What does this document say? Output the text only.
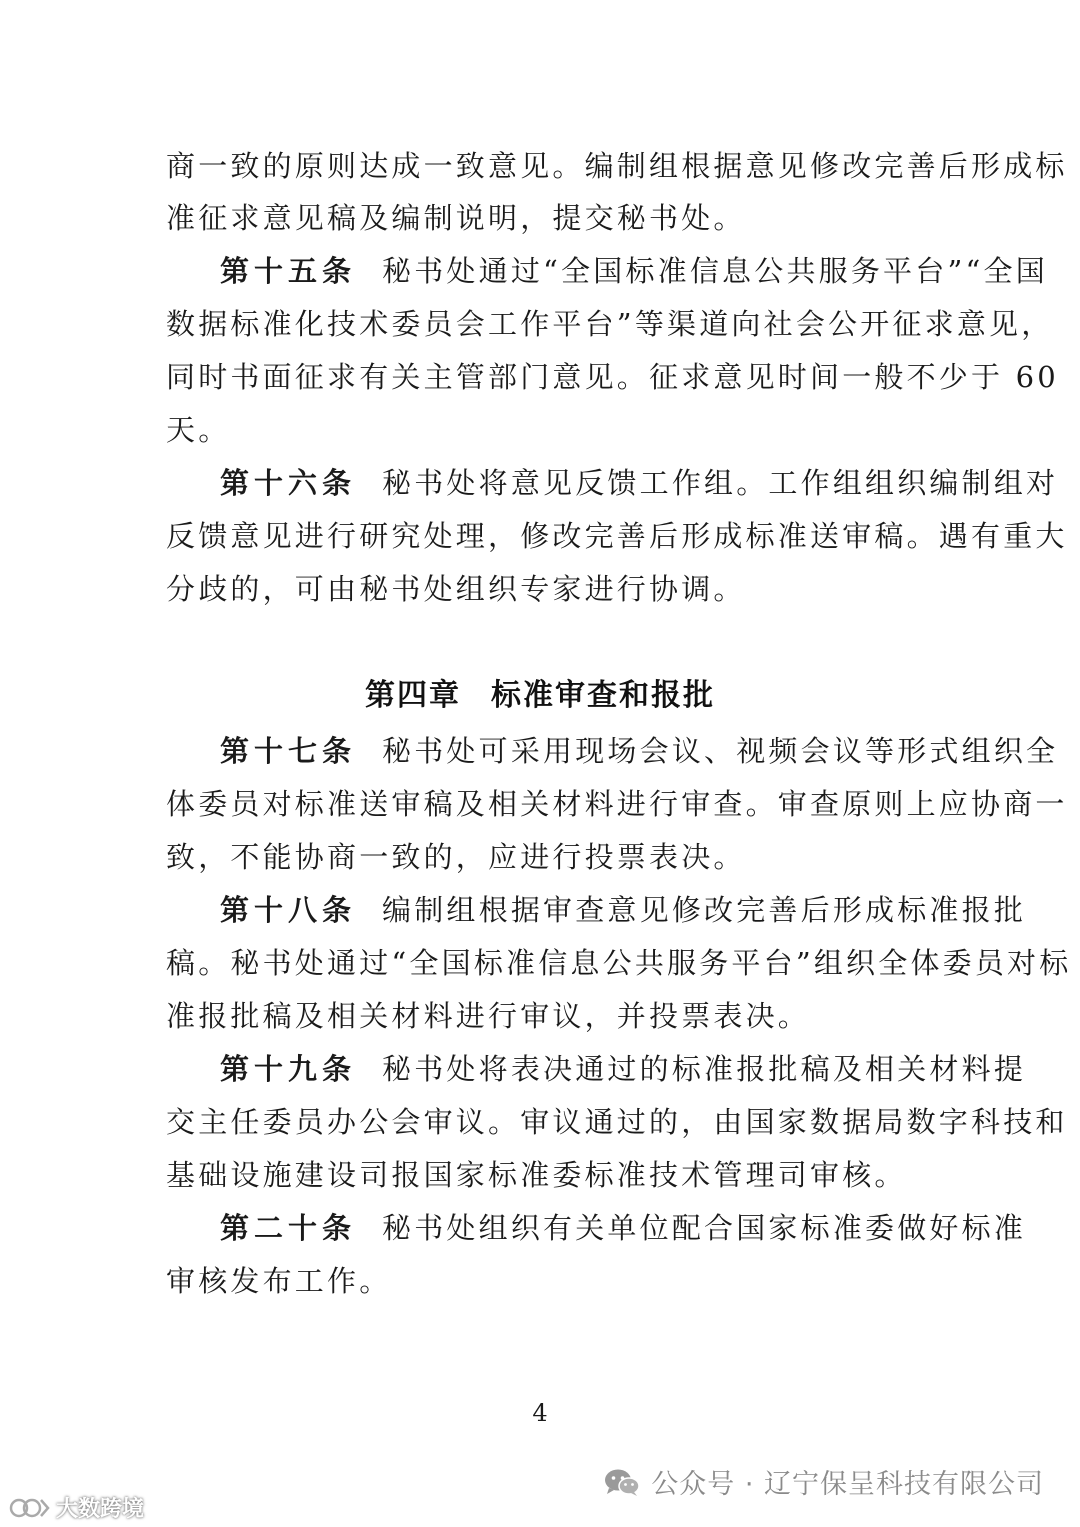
商一致的原则达成一致意见。编制组根据意见修改完善后形成标
准征求意见稿及编制说明，提交秘书处。
第十五条 秘书处通过“全国标准信息公共服务平台”“全国
数据标准化技术委员会工作平台”等渠道向社会公开征求意见，
同时书面征求有关主管部门意见。征求意见时间一般不少于 60
天。
第十六条 秘书处将意见反馈工作组。工作组组织编制组对
反馈意见进行研究处理，修改完善后形成标准送审稿。遇有重大
分歧的，可由秘书处组织专家进行协调。
第四章 标准审查和报批
第十七条 秘书处可采用现场会议、视频会议等形式组织全
体委员对标准送审稿及相关材料进行审查。审查原则上应协商一
致，不能协商一致的，应进行投票表决。
第十八条 编制组根据审查意见修改完善后形成标准报批
稿。秘书处通过“全国标准信息公共服务平台”组织全体委员对标
准报批稿及相关材料进行审议，并投票表决。
第十九条 秘书处将表决通过的标准报批稿及相关材料提
交主任委员办公会审议。审议通过的，由国家数据局数字科技和
基础设施建设司报国家标准委标准技术管理司审核。
第二十条 秘书处组织有关单位配合国家标准委做好标准
审核发布工作。
4
公众号 · 辽宁保呈科技有限公司
大数跨境
